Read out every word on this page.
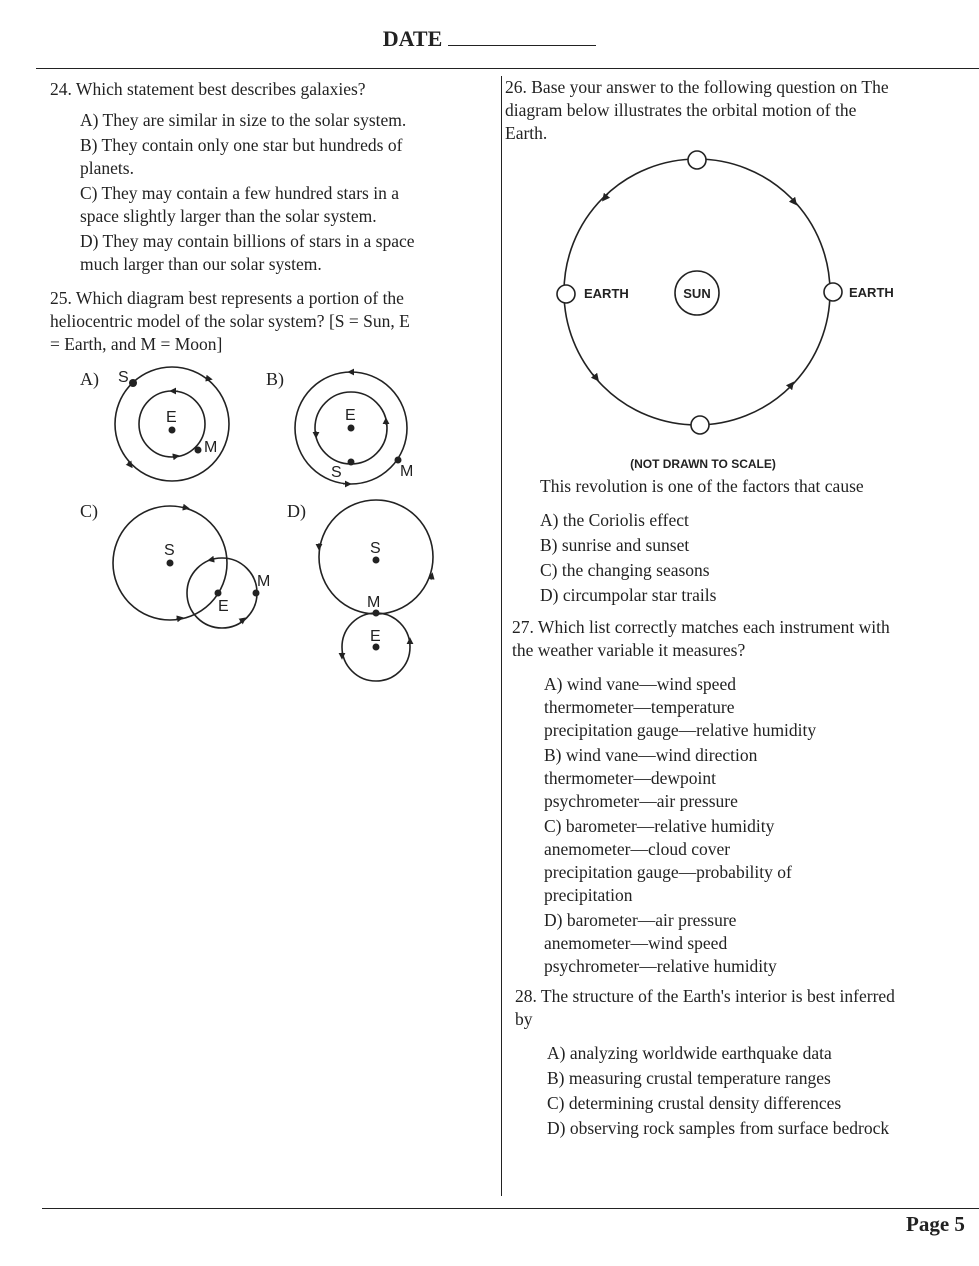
DATE
Page 5
24. Which statement best describes galaxies?
A) They are similar in size to the solar system.
B) They contain only one star but hundreds of
planets.
C) They may contain a few hundred stars in a
space slightly larger than the solar system.
D) They may contain billions of stars in a space
much larger than our solar system.
25. Which diagram best represents a portion of the
heliocentric model of the solar system? [S = Sun, E
= Earth, and M = Moon]
A) S
E
M
B)
E
S	M
C)
S
E
M
D)
S
M
E
26. Base your answer to the following question on The
diagram below illustrates the orbital motion of the
Earth.
SUN
EARTH	EARTH
(NOT DRAWN TO SCALE)
This revolution is one of the factors that cause
A) the Coriolis effect
B) sunrise and sunset
C) the changing seasons
D) circumpolar star trails
27. Which list correctly matches each instrument with
the weather variable it measures?
A) wind vane—wind speed
thermometer—temperature
precipitation gauge—relative humidity
B) wind vane—wind direction
thermometer—dewpoint
psychrometer—air pressure
C) barometer—relative humidity
anemometer—cloud cover
precipitation gauge—probability of
precipitation
D) barometer—air pressure
anemometer—wind speed
psychrometer—relative humidity
28. The structure of the Earth's interior is best inferred
by
A) analyzing worldwide earthquake data
B) measuring crustal temperature ranges
C) determining crustal density differences
D) observing rock samples from surface bedrock
